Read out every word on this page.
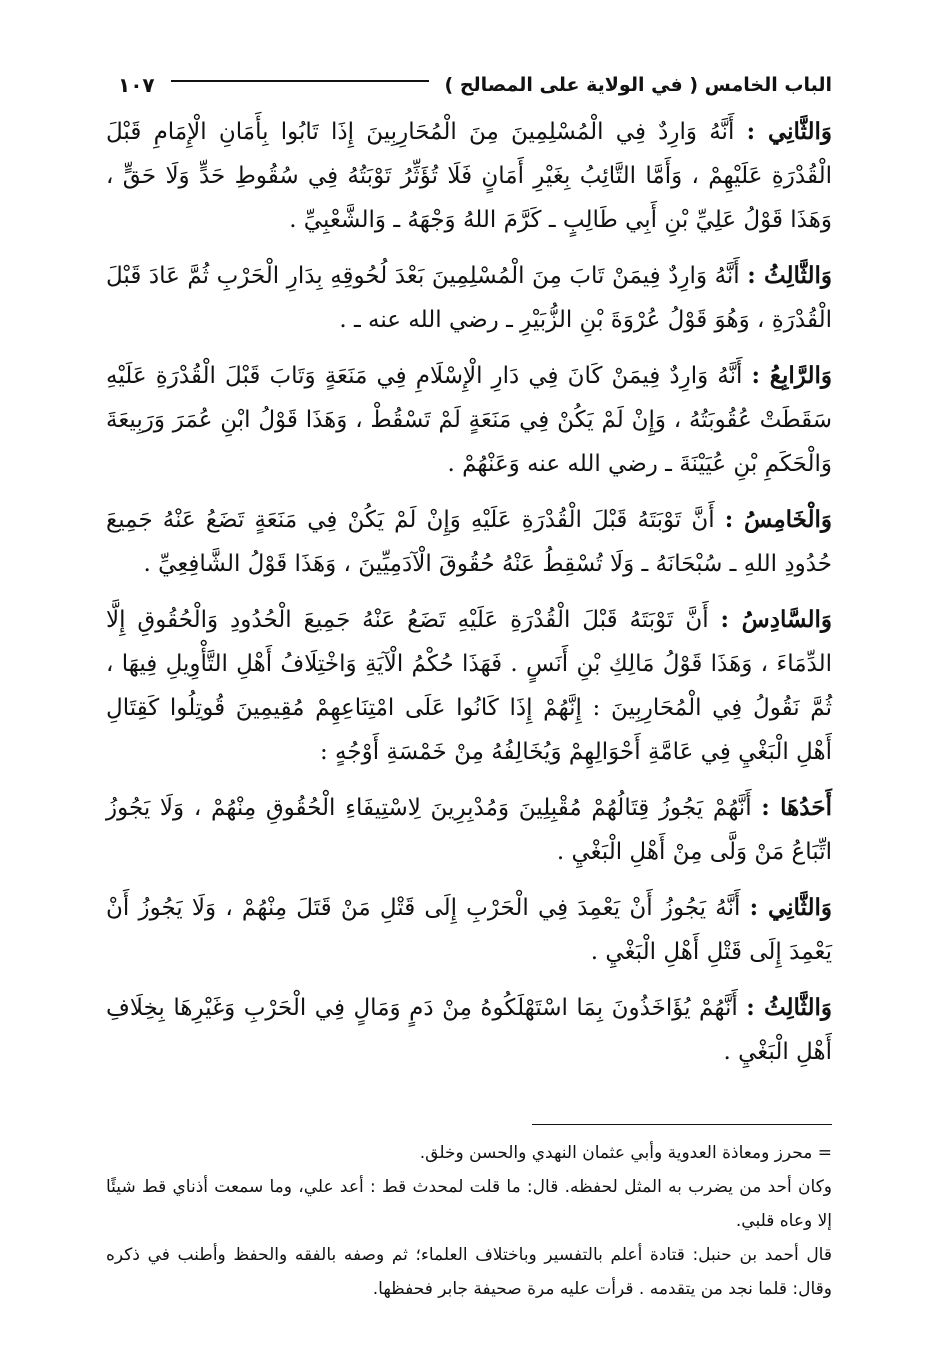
الباب الخامس ( في الولاية على المصالح )
١٠٧

وَالثَّانِي : أَنَّهُ وَارِدٌ فِي الْمُسْلِمِينَ مِنَ الْمُحَارِبِينَ إِذَا تَابُوا بِأَمَانِ الْإِمَامِ قَبْلَ الْقُدْرَةِ عَلَيْهِمْ ، وَأَمَّا التَّائِبُ بِغَيْرِ أَمَانٍ فَلَا تُؤَثِّرُ تَوْبَتُهُ فِي سُقُوطِ حَدٍّ وَلَا حَقٍّ ، وَهَذَا قَوْلُ عَلِيِّ بْنِ أَبِي طَالِبٍ ـ كَرَّمَ اللهُ وَجْهَهُ ـ وَالشَّعْبِيِّ .

وَالثَّالِثُ : أَنَّهُ وَارِدٌ فِيمَنْ تَابَ مِنَ الْمُسْلِمِينَ بَعْدَ لُحُوقِهِ بِدَارِ الْحَرْبِ ثُمَّ عَادَ قَبْلَ الْقُدْرَةِ ، وَهُوَ قَوْلُ عُرْوَةَ بْنِ الزُّبَيْرِ ـ رضي الله عنه ـ .

وَالرَّابِعُ : أَنَّهُ وَارِدٌ فِيمَنْ كَانَ فِي دَارِ الْإِسْلَامِ فِي مَنَعَةٍ وَتَابَ قَبْلَ الْقُدْرَةِ عَلَيْهِ سَقَطَتْ عُقُوبَتُهُ ، وَإِنْ لَمْ يَكُنْ فِي مَنَعَةٍ لَمْ تَسْقُطْ ، وَهَذَا قَوْلُ ابْنِ عُمَرَ وَرَبِيعَةَ وَالْحَكَمِ بْنِ عُيَيْنَةَ ـ رضي الله عنه وَعَنْهُمْ .

وَالْخَامِسُ : أَنَّ تَوْبَتَهُ قَبْلَ الْقُدْرَةِ عَلَيْهِ وَإِنْ لَمْ يَكُنْ فِي مَنَعَةٍ تَضَعُ عَنْهُ جَمِيعَ حُدُودِ اللهِ ـ سُبْحَانَهُ ـ وَلَا تُسْقِطُ عَنْهُ حُقُوقَ الْآدَمِيِّينَ ، وَهَذَا قَوْلُ الشَّافِعِيِّ .

وَالسَّادِسُ : أَنَّ تَوْبَتَهُ قَبْلَ الْقُدْرَةِ عَلَيْهِ تَضَعُ عَنْهُ جَمِيعَ الْحُدُودِ وَالْحُقُوقِ إِلَّا الدِّمَاءَ ، وَهَذَا قَوْلُ مَالِكِ بْنِ أَنَسٍ . فَهَذَا حُكْمُ الْآيَةِ وَاخْتِلَافُ أَهْلِ التَّأْوِيلِ فِيهَا ، ثُمَّ نَقُولُ فِي الْمُحَارِبِينَ : إِنَّهُمْ إِذَا كَانُوا عَلَى امْتِنَاعِهِمْ مُقِيمِينَ قُوتِلُوا كَقِتَالِ أَهْلِ الْبَغْيِ فِي عَامَّةِ أَحْوَالِهِمْ وَيُخَالِفُهُ مِنْ خَمْسَةِ أَوْجُهٍ :

أَحَدُهَا : أَنَّهُمْ يَجُوزُ قِتَالُهُمْ مُقْبِلِينَ وَمُدْبِرِينَ لِاسْتِيفَاءِ الْحُقُوقِ مِنْهُمْ ، وَلَا يَجُوزُ اتِّبَاعُ مَنْ وَلَّى مِنْ أَهْلِ الْبَغْيِ .

وَالثَّانِي : أَنَّهُ يَجُوزُ أَنْ يَعْمِدَ فِي الْحَرْبِ إِلَى قَتْلِ مَنْ قَتَلَ مِنْهُمْ ، وَلَا يَجُوزُ أَنْ يَعْمِدَ إِلَى قَتْلِ أَهْلِ الْبَغْيِ .

وَالثَّالِثُ : أَنَّهُمْ يُؤَاخَذُونَ بِمَا اسْتَهْلَكُوهُ مِنْ دَمٍ وَمَالٍ فِي الْحَرْبِ وَغَيْرِهَا بِخِلَافِ أَهْلِ الْبَغْيِ .

= محرز ومعاذة العدوية وأبي عثمان النهدي والحسن وخلق.

وكان أحد من يضرب به المثل لحفظه. قال: ما قلت لمحدث قط : أعد علي، وما سمعت أذناي قط شيئًا إلا وعاه قلبي.

قال أحمد بن حنبل: قتادة أعلم بالتفسير وباختلاف العلماء؛ ثم وصفه بالفقه والحفظ وأطنب في ذكره وقال: قلما نجد من يتقدمه . قرأت عليه مرة صحيفة جابر فحفظها.
